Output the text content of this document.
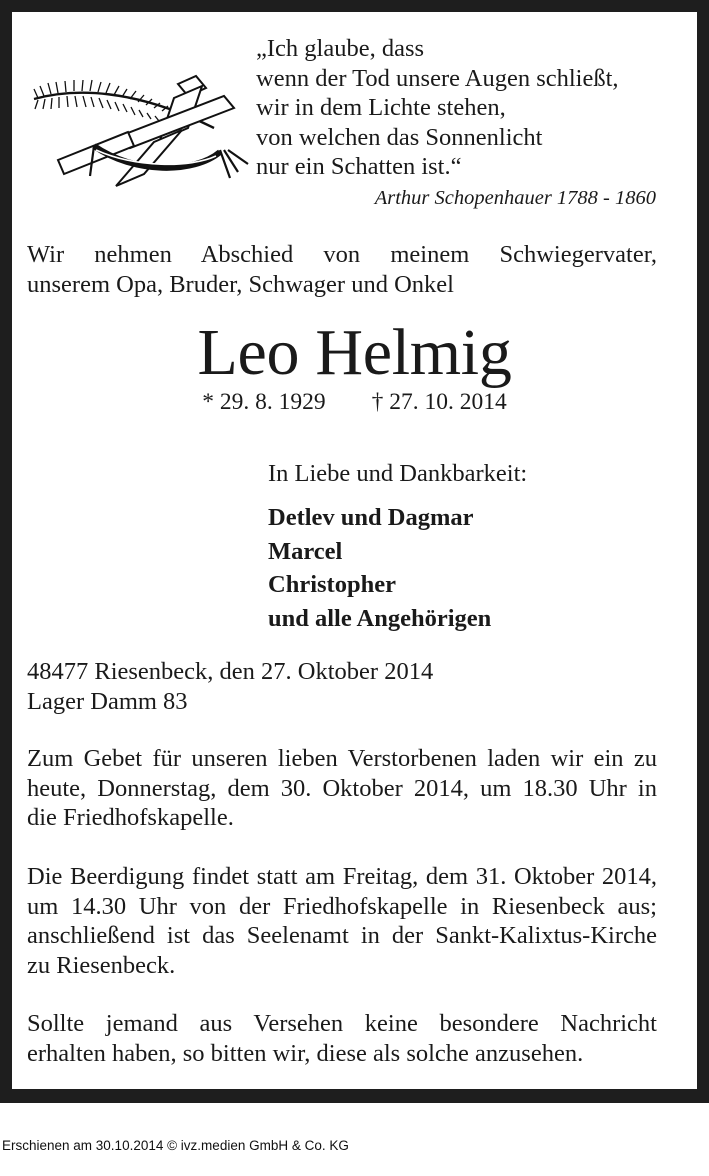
„Ich glaube, dass
wenn der Tod unsere Augen schließt,
wir in dem Lichte stehen,
von welchen das Sonnenlicht
nur ein Schatten ist.“
Arthur Schopenhauer 1788 - 1860
Wir nehmen Abschied von meinem Schwiegervater,
unserem Opa, Bruder, Schwager und Onkel
Leo Helmig
* 29. 8. 1929 † 27. 10. 2014
In Liebe und Dankbarkeit:
Detlev und Dagmar
Marcel
Christopher
und alle Angehörigen
48477 Riesenbeck, den 27. Oktober 2014
Lager Damm 83
Zum Gebet für unseren lieben Verstorbenen laden wir ein zu
heute, Donnerstag, dem 30. Oktober 2014, um 18.30 Uhr in
die Friedhofskapelle.
Die Beerdigung findet statt am Freitag, dem 31. Oktober 2014,
um 14.30 Uhr von der Friedhofskapelle in Riesenbeck aus;
anschließend ist das Seelenamt in der Sankt-Kalixtus-Kirche
zu Riesenbeck.
Sollte jemand aus Versehen keine besondere Nachricht
erhalten haben, so bitten wir, diese als solche anzusehen.
Erschienen am 30.10.2014 © ivz.medien GmbH & Co. KG
